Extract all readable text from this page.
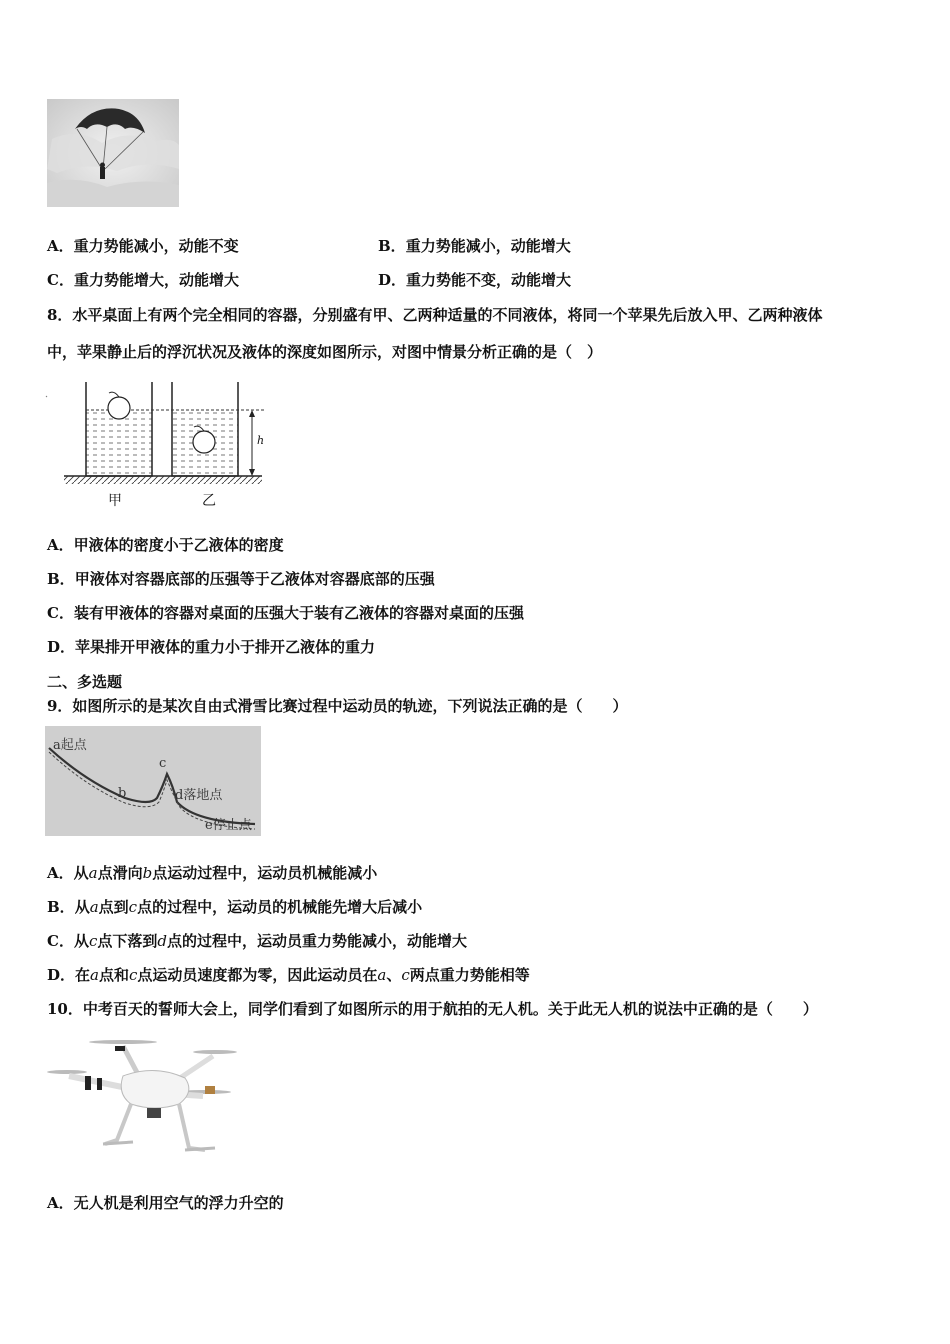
A．重力势能减小，动能不变	B．重力势能减小，动能增大
C．重力势能增大，动能增大	D．重力势能不变，动能增大
8．水平桌面上有两个完全相同的容器，分别盛有甲、乙两种适量的不同液体，将同一个苹果先后放入甲、乙两种液体
中，苹果静止后的浮沉状况及液体的深度如图所示，对图中情景分析正确的是（　）
h
甲	乙
A．甲液体的密度小于乙液体的密度
B．甲液体对容器底部的压强等于乙液体对容器底部的压强
C．装有甲液体的容器对桌面的压强大于装有乙液体的容器对桌面的压强
D．苹果排开甲液体的重力小于排开乙液体的重力
二、多选题
9．如图所示的是某次自由式滑雪比赛过程中运动员的轨迹，下列说法正确的是（　　）
a起点
b
c
d落地点
e停止点
A．从a点滑向b点运动过程中，运动员机械能减小
B．从a点到c点的过程中，运动员的机械能先增大后减小
C．从c点下落到d点的过程中，运动员重力势能减小，动能增大
D．在a点和c点运动员速度都为零，因此运动员在a、c两点重力势能相等
10．中考百天的誓师大会上，同学们看到了如图所示的用于航拍的无人机。关于此无人机的说法中正确的是（　　）
A．无人机是利用空气的浮力升空的
